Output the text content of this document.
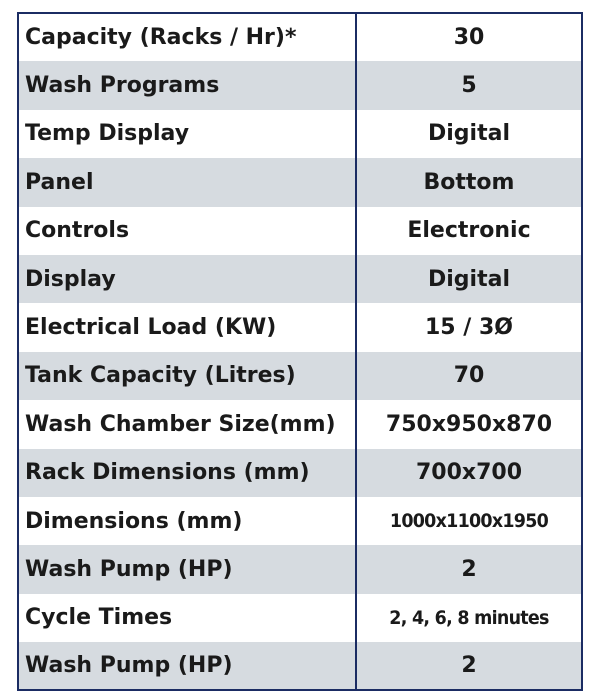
Capacity (Racks / Hr)*	30
Wash Programs	5
Temp Display	Digital
Panel	Bottom
Controls	Electronic
Display	Digital
Electrical Load (KW)	15 / 3Ø
Tank Capacity (Litres)	70
Wash Chamber Size(mm)	750x950x870
Rack Dimensions (mm)	700x700
Dimensions (mm)	1000x1100x1950
Wash Pump (HP)	2
Cycle Times	2, 4, 6, 8 minutes
Wash Pump (HP)	2
